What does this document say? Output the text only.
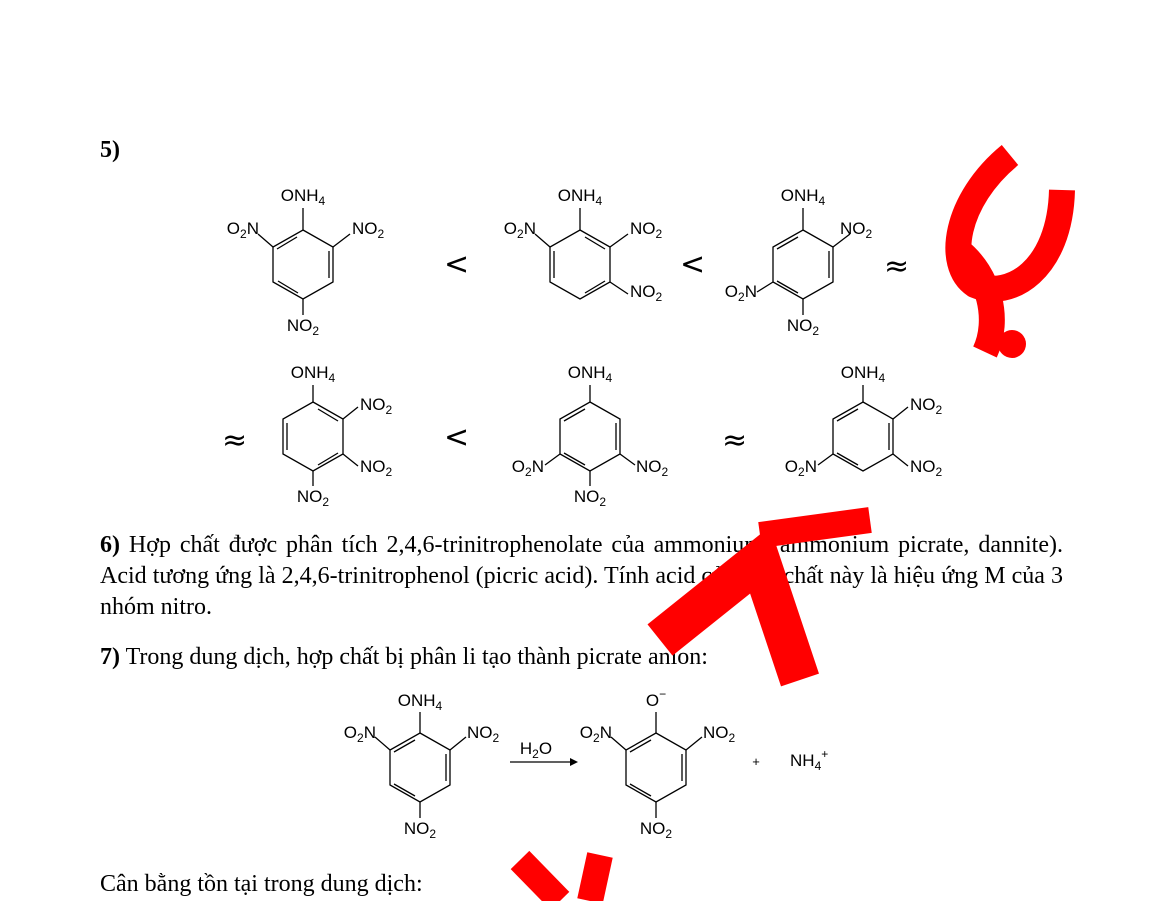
5)
$ONH_4$
$O_2N$	$NO_2$
$NO_2$
$ONH_4$
$O_2N$	$NO_2$
$NO_2$
$ONH_4$
$NO_2$
$O_2N$
$NO_2$
$ONH_4$
$NO_2$
$NO_2$
$NO_2$
$ONH_4$
$O_2N$	$NO_2$
$NO_2$
$ONH_4$
$NO_2$
$NO_2$
$O_2N$
$ONH_4$
$O_2N$	$NO_2$
$NO_2$
$H_2O$
O−
$O_2N$	$NO_2$
$NO_2$
+ $NH_4^+$
<	<	≈
≈	<	≈
6) Hợp chất được phân tích 2,4,6-trinitrophenolate của ammonium (ammonium picrate, dannite). Acid tương ứng là 2,4,6-trinitrophenol (picric acid). Tính acid của hợp chất này là hiệu ứng M của 3 nhóm nitro.
7) Trong dung dịch, hợp chất bị phân li tạo thành picrate anion:
Cân bằng tồn tại trong dung dịch:
